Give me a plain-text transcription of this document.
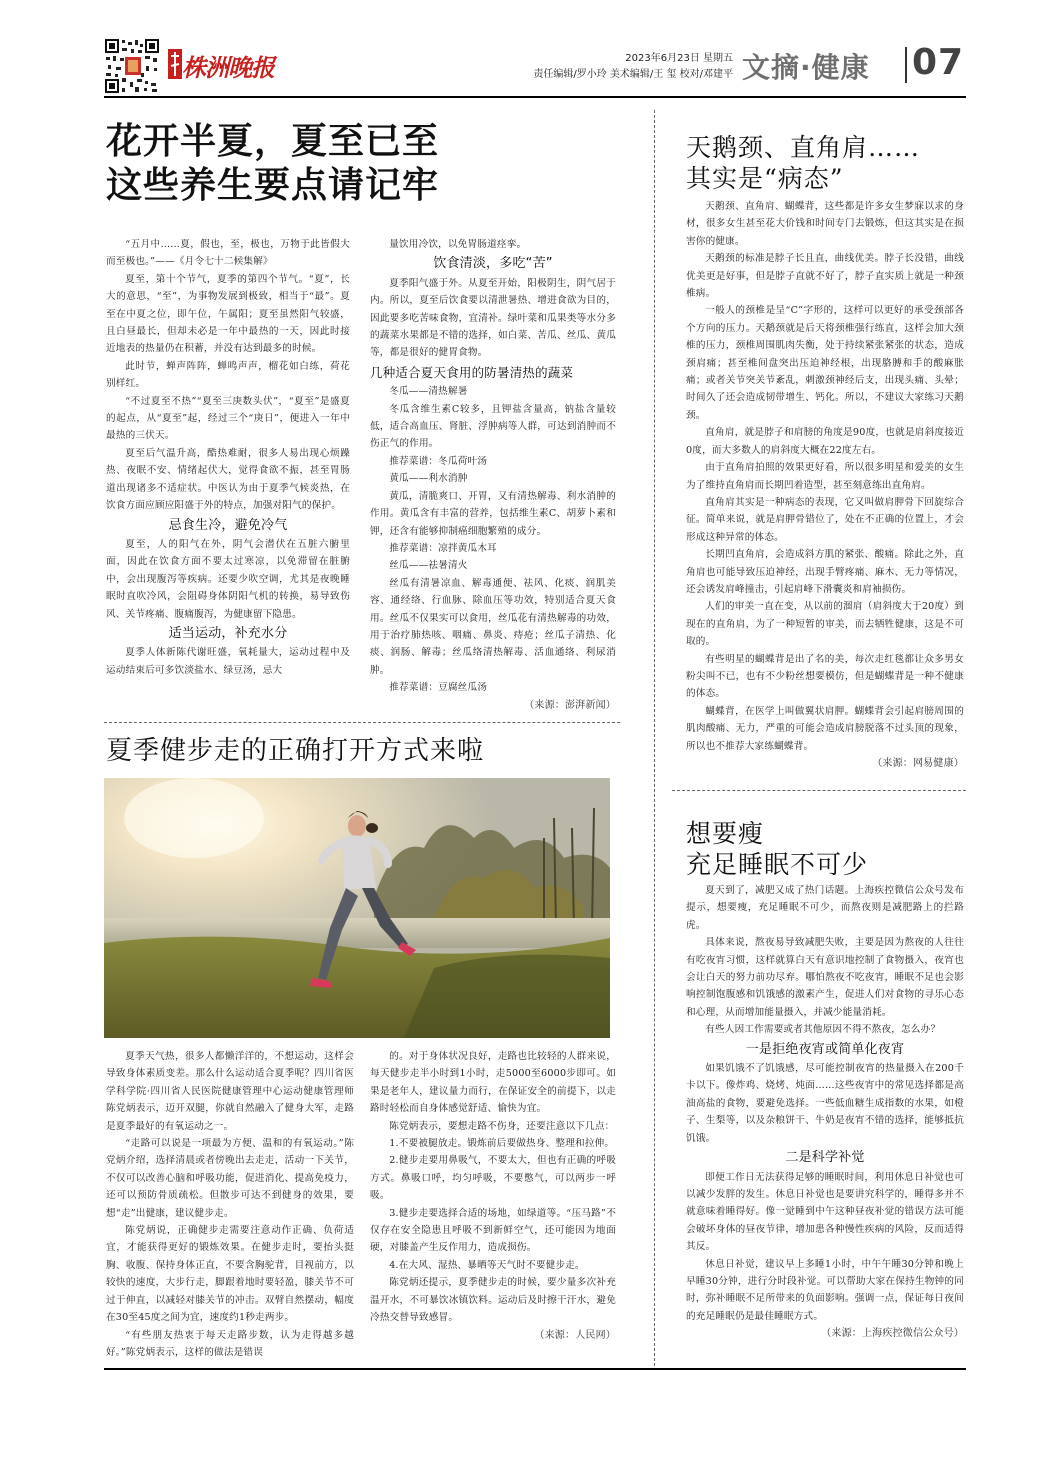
株洲晚报	2023年6月23日 星期五
责任编辑/罗小玲 美术编辑/王 玺 校对/邓建平 文摘·健康 07
花开半夏，夏至已至
这些养生要点请记牢

“五月中……夏，假也，至，极也，万物于此皆假大而至极也。”——《月令七十二候集解》

夏至，第十个节气，夏季的第四个节气。“夏”，长大的意思，“至”，为事物发展到极致，相当于“最”。夏至在中夏之位，即午位，午属阳；夏至虽然阳气较盛，且白昼最长，但却未必是一年中最热的一天，因此时接近地表的热量仍在积蓄，并没有达到最多的时候。

此时节，蝉声阵阵，蝉鸣声声，榴花如白练，荷花别样红。

“不过夏至不热”“夏至三庚数头伏”，“夏至”是盛夏的起点，从“夏至”起，经过三个“庚日”，便进入一年中最热的三伏天。

夏至后气温升高，酷热难耐，很多人易出现心烦躁热、夜眠不安、情绪起伏大，觉得食欲不振，甚至胃肠道出现诸多不适症状。中医认为由于夏季气候炎热，在饮食方面应顾应阳盛于外的特点，加强对阳气的保护。

忌食生冷，避免冷气

夏至，人的阳气在外，阴气会潜伏在五脏六腑里面，因此在饮食方面不要太过寒凉，以免滞留在脏腑中，会出现腹泻等疾病。还要少吹空调，尤其是夜晚睡眠时直吹冷风，会阻碍身体阴阳气机的转换，易导致伤风、关节疼痛、腹痛腹泻，为健康留下隐患。

适当运动，补充水分

夏季人体新陈代谢旺盛，氧耗量大，运动过程中及运动结束后可多饮淡盐水、绿豆汤，忌大

量饮用冷饮，以免胃肠道痉挛。

饮食清淡，多吃“苦”

夏季阳气盛于外。从夏至开始，阳极阴生，阴气居于内。所以，夏至后饮食要以清泄暑热、增进食欲为目的，因此要多吃苦味食物，宜清补。绿叶菜和瓜果类等水分多的蔬菜水果都是不错的选择，如白菜、苦瓜、丝瓜、黄瓜等，都是很好的健胃食物。

几种适合夏天食用的防暑清热的蔬菜

冬瓜——清热解暑

冬瓜含维生素C较多，且钾盐含量高，钠盐含量较低，适合高血压、肾脏、浮肿病等人群，可达到消肿而不伤正气的作用。

推荐菜谱：冬瓜荷叶汤

黄瓜——利水消肿

黄瓜，清脆爽口、开胃，又有清热解毒、利水消肿的作用。黄瓜含有丰富的营养，包括维生素C、胡萝卜素和钾，还含有能够抑制癌细胞繁殖的成分。

推荐菜谱：凉拌黄瓜木耳

丝瓜——祛暑清火

丝瓜有清暑凉血、解毒通便、祛风、化痰、润肌美容、通经络、行血脉、除血压等功效，特别适合夏天食用。丝瓜不仅果实可以食用，丝瓜花有清热解毒的功效，用于治疗肺热咳、咽痛、鼻炎、痔疮；丝瓜子清热、化痰、润肠、解毒；丝瓜络清热解毒、活血通络、利尿消肿。

推荐菜谱：豆腐丝瓜汤

（来源：澎湃新闻）

夏季健步走的正确打开方式来啦

夏季天气热，很多人都懒洋洋的，不想运动，这样会导致身体素质变差。那么什么运动适合夏季呢？四川省医学科学院·四川省人民医院健康管理中心运动健康管理师陈党炳表示，迈开双腿，你就自然融入了健身大军，走路是夏季最好的有氧运动之一。

“走路可以说是一项最为方便、温和的有氧运动。”陈党炳介绍，选择清晨或者傍晚出去走走，活动一下关节，不仅可以改善心脑和呼吸功能，促进消化、提高免疫力，还可以预防骨质疏松。但散步可达不到健身的效果，要想“走”出健康，建议健步走。

陈党炳说，正确健步走需要注意动作正确、负荷适宜，才能获得更好的锻炼效果。在健步走时，要抬头挺胸、收腹、保持身体正直，不要含胸驼背，目视前方，以较快的速度，大步行走，脚跟着地时要轻盈，膝关节不可过于伸直，以减轻对膝关节的冲击。双臂自然摆动，幅度在30至45度之间为宜，速度约1秒走两步。

“有些朋友热衷于每天走路步数，认为走得越多越好。”陈党炳表示，这样的做法是错误

的。对于身体状况良好，走路也比较轻的人群来说，每天健步走半小时到1小时，走5000至6000步即可。如果是老年人，建议量力而行，在保证安全的前提下，以走路时轻松而自身体感觉舒适、愉快为宜。

陈党炳表示，要想走路不伤身，还要注意以下几点：

1.不要被腿放走。锻炼前后要做热身、整理和拉伸。

2.健步走要用鼻吸气，不要太大，但也有正确的呼吸方式。鼻吸口呼，均匀呼吸，不要憋气，可以两步一呼吸。

3.健步走要选择合适的场地，如绿道等。“压马路”不仅存在安全隐患且呼吸不到新鲜空气，还可能因为地面硬，对膝盖产生反作用力，造成损伤。

4.在大风、湿热、暴晒等天气时不要健步走。

陈党炳还提示，夏季健步走的时候，要少量多次补充温开水，不可暴饮冰镇饮料。运动后及时擦干汗水，避免冷热交替导致感冒。

（来源：人民网）

天鹅颈、直角肩……
其实是“病态”

天鹅颈、直角肩、蝴蝶背，这些都是许多女生梦寐以求的身材，很多女生甚至花大价钱和时间专门去锻炼，但这其实是在损害你的健康。

天鹅颈的标准是脖子长且直，曲线优美。脖子长没错，曲线优美更是好事，但是脖子直就不好了，脖子直实质上就是一种颈椎病。

一般人的颈椎是呈“C”字形的，这样可以更好的承受颈部各个方向的压力。天鹅颈就是后天将颈椎强行练直，这样会加大颈椎的压力，颈椎周围肌肉失衡，处于持续紧张紧张的状态，造成颈肩痛；甚至椎间盘突出压迫神经根，出现胳膊和手的酸麻胀痛；或者关节突关节紊乱，刺激颈神经后支，出现头痛、头晕；时间久了还会造成韧带增生、钙化。所以，不建议大家练习天鹅颈。

直角肩，就是脖子和肩膀的角度是90度，也就是肩斜度接近0度，而大多数人的肩斜度大概在22度左右。

由于直角肩拍照的效果更好看，所以很多明星和爱美的女生为了维持直角肩而长期凹着造型，甚至刻意练出直角肩。

直角肩其实是一种病态的表现，它又叫做肩胛骨下回旋综合征。简单来说，就是肩胛骨错位了，处在不正确的位置上，才会形成这种异常的体态。

长期凹直角肩，会造成斜方肌的紧张、酸痛。除此之外，直角肩也可能导致压迫神经，出现手臂疼痛、麻木、无力等情况，还会诱发肩峰撞击，引起肩峰下滑囊炎和肩袖损伤。

人们的审美一直在变，从以前的溜肩（肩斜度大于20度）到现在的直角肩，为了一种短暂的审美，而去牺牲健康，这是不可取的。

有些明星的蝴蝶背是出了名的美，每次走红毯都让众多男女粉尖叫不已，也有不少粉丝想要模仿，但是蝴蝶背是一种不健康的体态。

蝴蝶背，在医学上叫做翼状肩胛。蝴蝶背会引起肩膀周围的肌肉酸痛、无力，严重的可能会造成肩膀脱落不过头顶的现象，所以也不推荐大家练蝴蝶背。

（来源：网易健康）

想要瘦
充足睡眠不可少

夏天到了，减肥又成了热门话题。上海疾控微信公众号发布提示，想要瘦，充足睡眠不可少，而熬夜则是减肥路上的拦路虎。

具体来说，熬夜易导致减肥失败，主要是因为熬夜的人往往有吃夜宵习惯，这样就算白天有意识地控制了食物摄入，夜宵也会让白天的努力前功尽弃。哪怕熬夜不吃夜宵，睡眠不足也会影响控制饱腹感和饥饿感的激素产生，促进人们对食物的寻乐心态和心理，从而增加能量摄入，并减少能量消耗。

有些人因工作需要或者其他原因不得不熬夜，怎么办？

一是拒绝夜宵或简单化夜宵

如果饥饿不了饥饿感，尽可能控制夜宵的热量摄入在200千卡以下。像炸鸡、烧烤、炖面……这些夜宵中的常见选择都是高油高盐的食物，要避免选择。一些低血糖生成指数的水果，如橙子、生梨等，以及杂粮饼干、牛奶是夜宵不错的选择，能够抵抗饥饿。

二是科学补觉

即便工作日无法获得足够的睡眠时间，利用休息日补觉也可以减少发胖的发生。休息日补觉也是要讲究科学的，睡得多并不就意味着睡得好。像一觉睡到中午这种昼夜补觉的错误方法可能会破坏身体的昼夜节律，增加患各种慢性疾病的风险，反而适得其反。

休息日补觉，建议早上多睡1小时，中午午睡30分钟和晚上早睡30分钟，进行分时段补觉。可以帮助大家在保持生物钟的同时，弥补睡眠不足所带来的负面影响。强调一点，保证每日夜间的充足睡眠仍是最佳睡眠方式。

（来源：上海疾控微信公众号）
